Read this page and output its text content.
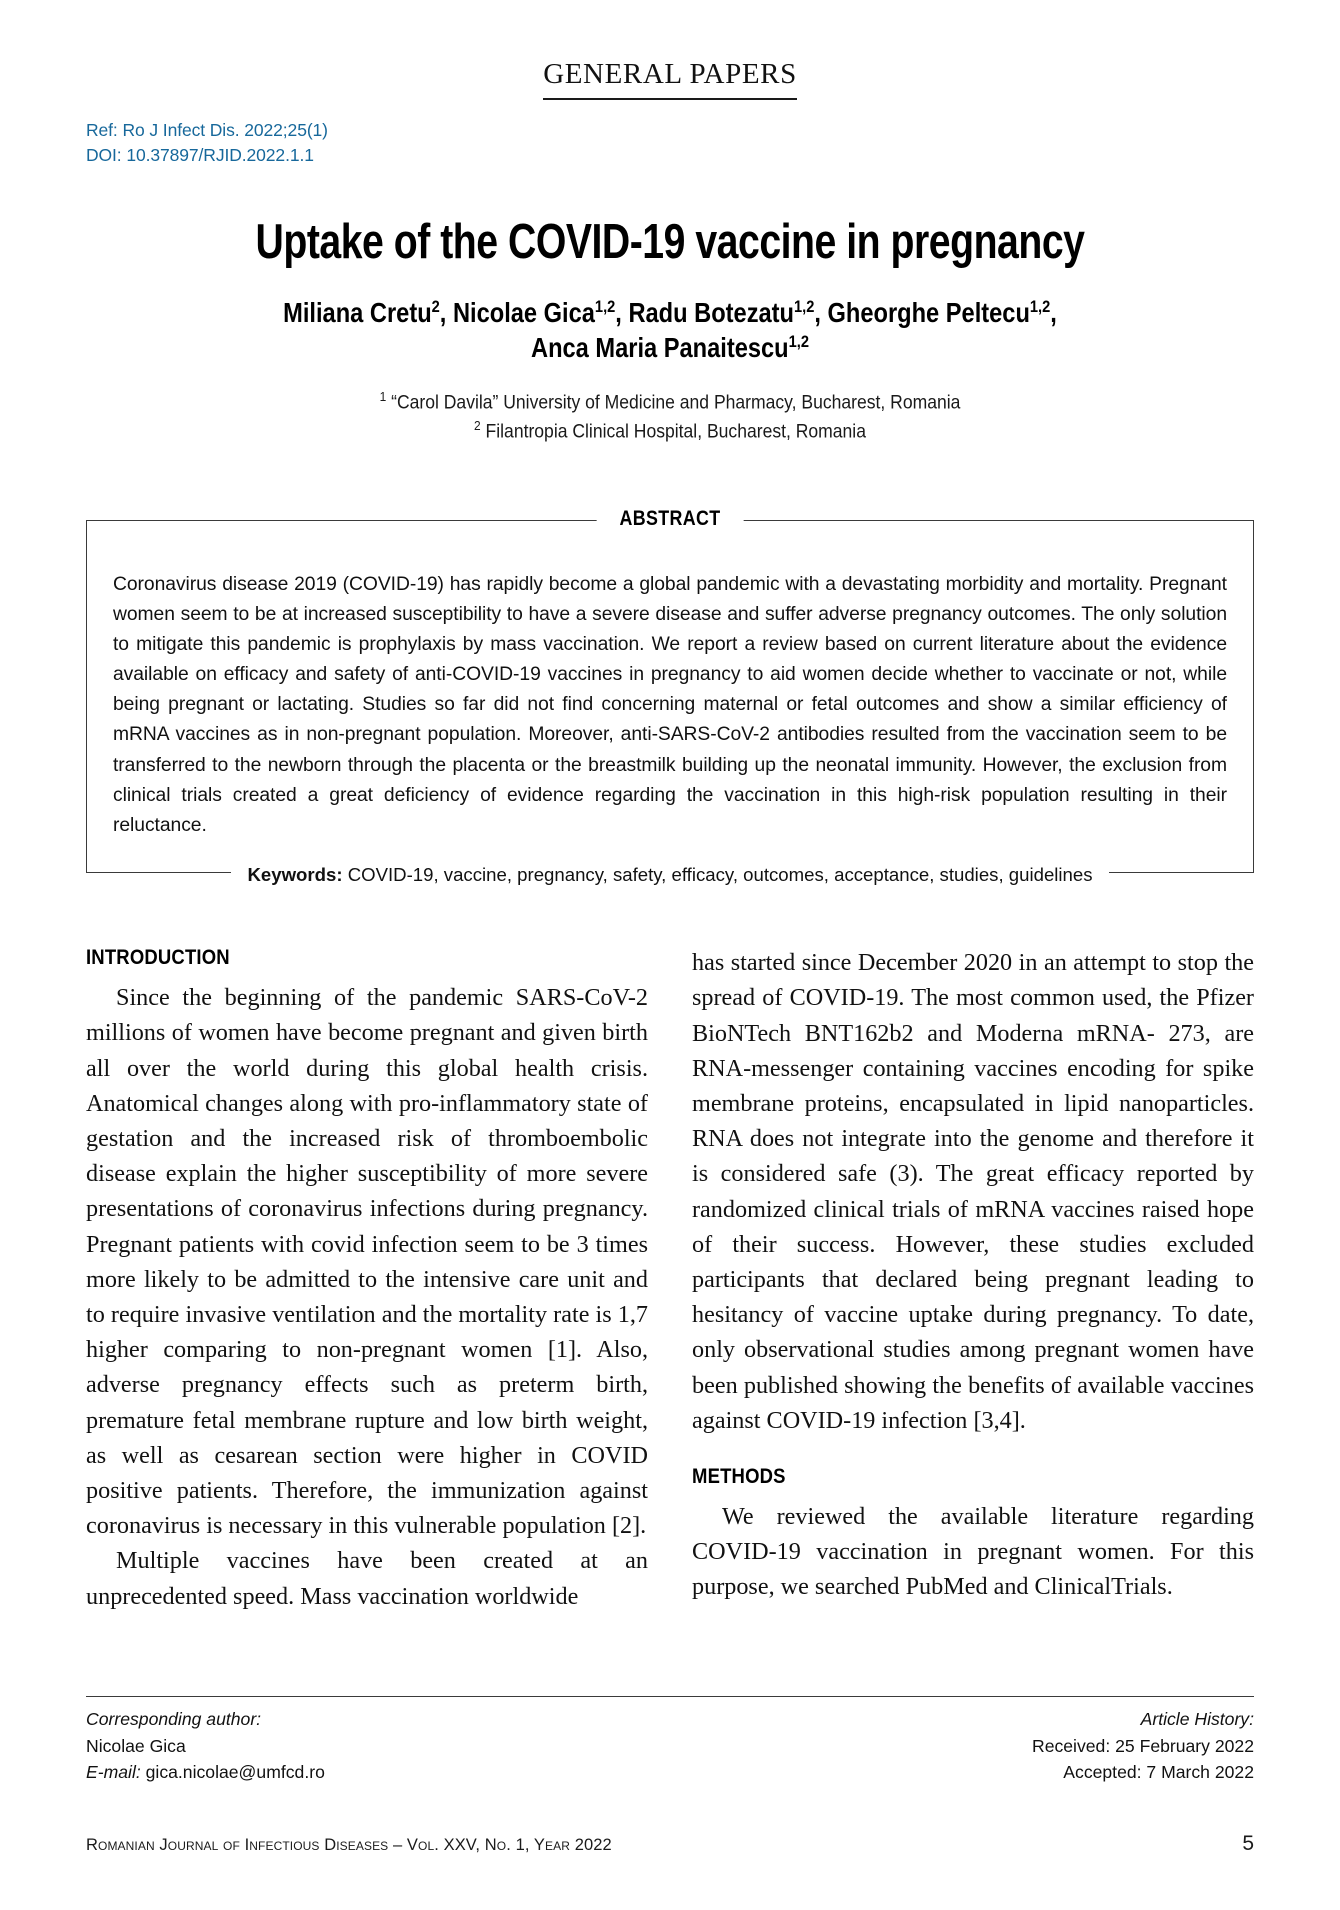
GENERAL PAPERS
Ref: Ro J Infect Dis. 2022;25(1)
DOI: 10.37897/RJID.2022.1.1
Uptake of the COVID-19 vaccine in pregnancy
Miliana Cretu$^2$, Nicolae Gica$^{1,2}$, Radu Botezatu$^{1,2}$, Gheorghe Peltecu$^{1,2}$,
Anca Maria Panaitescu$^{1,2}$
$^1$ “Carol Davila” University of Medicine and Pharmacy, Bucharest, Romania
$^2$ Filantropia Clinical Hospital, Bucharest, Romania
ABSTRACT

Coronavirus disease 2019 (COVID-19) has rapidly become a global pandemic with a devastating morbidity and mortality. Pregnant women seem to be at increased susceptibility to have a severe disease and suffer adverse pregnancy outcomes. The only solution to mitigate this pandemic is prophylaxis by mass vaccination. We report a review based on current literature about the evidence available on efficacy and safety of anti-COVID-19 vaccines in pregnancy to aid women decide whether to vaccinate or not, while being pregnant or lactating. Studies so far did not find concerning maternal or fetal outcomes and show a similar efficiency of mRNA vaccines as in non-pregnant population. Moreover, anti-SARS-CoV-2 antibodies resulted from the vaccination seem to be transferred to the newborn through the placenta or the breastmilk building up the neonatal immunity. However, the exclusion from clinical trials created a great deficiency of evidence regarding the vaccination in this high-risk population resulting in their reluctance.

Keywords: COVID-19, vaccine, pregnancy, safety, efficacy, outcomes, acceptance, studies, guidelines
INTRODUCTION

Since the beginning of the pandemic SARS-CoV-2 millions of women have become pregnant and given birth all over the world during this global health crisis. Anatomical changes along with pro-inflammatory state of gestation and the increased risk of thromboembolic disease explain the higher susceptibility of more severe presentations of coronavirus infections during pregnancy. Pregnant patients with covid infection seem to be 3 times more likely to be admitted to the intensive care unit and to require invasive ventilation and the mortality rate is 1,7 higher comparing to non-pregnant women [1]. Also, adverse pregnancy effects such as preterm birth, premature fetal membrane rupture and low birth weight, as well as cesarean section were higher in COVID positive patients. Therefore, the immunization against coronavirus is necessary in this vulnerable population [2].

Multiple vaccines have been created at an unprecedented speed. Mass vaccination worldwide

has started since December 2020 in an attempt to stop the spread of COVID-19. The most common used, the Pfizer BioNTech BNT162b2 and Moderna mRNA- 273, are RNA-messenger containing vaccines encoding for spike membrane proteins, encapsulated in lipid nanoparticles. RNA does not integrate into the genome and therefore it is considered safe (3). The great efficacy reported by randomized clinical trials of mRNA vaccines raised hope of their success. However, these studies excluded participants that declared being pregnant leading to hesitancy of vaccine uptake during pregnancy. To date, only observational studies among pregnant women have been published showing the benefits of available vaccines against COVID-19 infection [3,4].

METHODS

We reviewed the available literature regarding COVID-19 vaccination in pregnant women. For this purpose, we searched PubMed and ClinicalTrials.

Corresponding author:
Nicolae Gica
E-mail: gica.nicolae@umfcd.ro
Article History:
Received: 25 February 2022
Accepted: 7 March 2022
Romanian Journal of Infectious Diseases – Vol. XXV, No. 1, Year 2022	5
